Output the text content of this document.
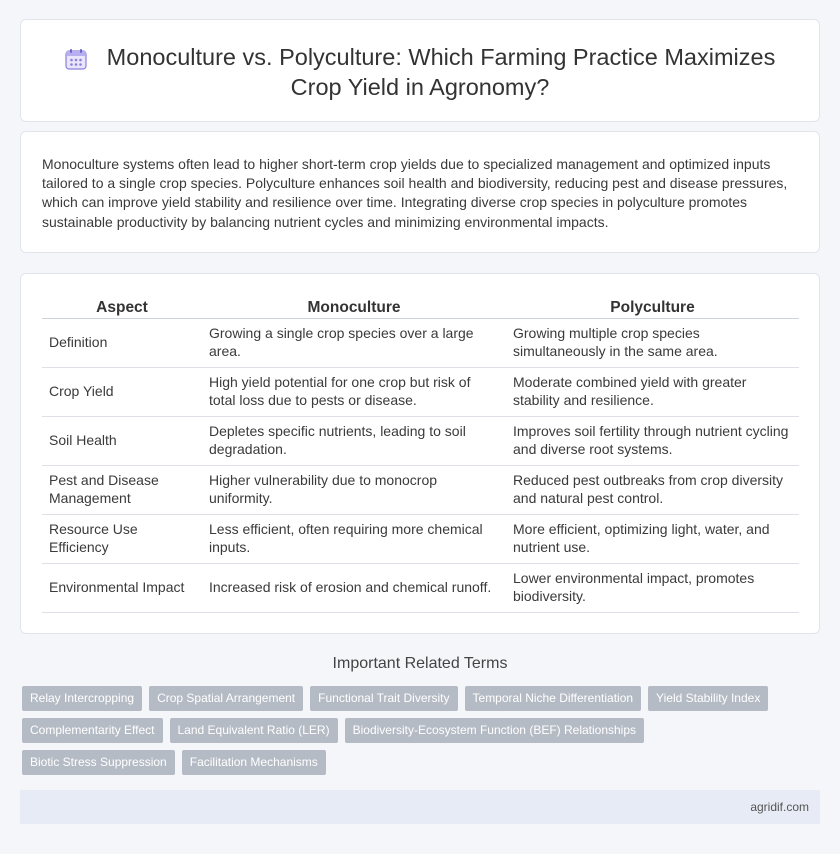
Monoculture vs. Polyculture: Which Farming Practice Maximizes
Crop Yield in Agronomy?

Monoculture systems often lead to higher short-term crop yields due to specialized management and optimized inputs tailored to a single crop species. Polyculture enhances soil health and biodiversity, reducing pest and disease pressures, which can improve yield stability and resilience over time. Integrating diverse crop species in polyculture promotes sustainable productivity by balancing nutrient cycles and minimizing environmental impacts.

Aspect	Monoculture	Polyculture
Definition	Growing a single crop species over a large area.	Growing multiple crop species simultaneously in the same area.
Crop Yield	High yield potential for one crop but risk of total loss due to pests or disease.	Moderate combined yield with greater stability and resilience.
Soil Health	Depletes specific nutrients, leading to soil degradation.	Improves soil fertility through nutrient cycling and diverse root systems.
Pest and Disease Management	Higher vulnerability due to monocrop uniformity.	Reduced pest outbreaks from crop diversity and natural pest control.
Resource Use Efficiency	Less efficient, often requiring more chemical inputs.	More efficient, optimizing light, water, and nutrient use.
Environmental Impact	Increased risk of erosion and chemical runoff.	Lower environmental impact, promotes biodiversity.
Important Related Terms
Relay Intercropping	Crop Spatial Arrangement	Functional Trait Diversity	Temporal Niche Differentiation	Yield Stability Index
Complementarity Effect	Land Equivalent Ratio (LER)	Biodiversity-Ecosystem Function (BEF) Relationships
Biotic Stress Suppression	Facilitation Mechanisms
agridif.com
